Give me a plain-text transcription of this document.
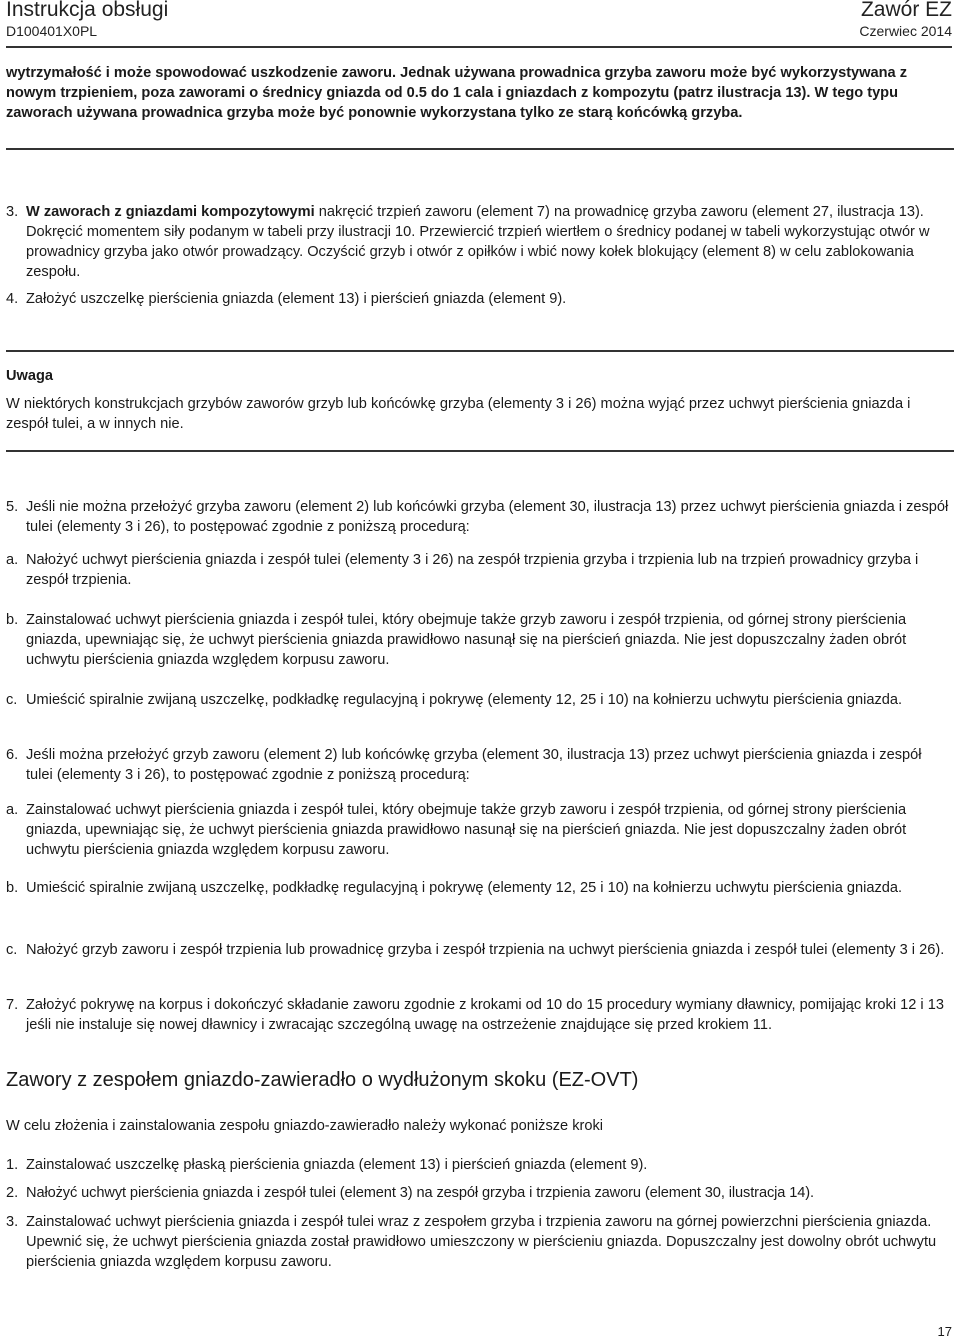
Instrukcja obsługi
D100401X0PL
Zawór EZ
Czerwiec 2014

wytrzymałość i może spowodować uszkodzenie zaworu. Jednak używana prowadnica grzyba zaworu może być wykorzystywana z nowym trzpieniem, poza zaworami o średnicy gniazda od 0.5 do 1 cala i gniazdach z kompozytu (patrz ilustracja 13). W tego typu zaworach używana prowadnica grzyba może być ponownie wykorzystana tylko ze starą końcówką grzyba.

3. W zaworach z gniazdami kompozytowymi nakręcić trzpień zaworu (element 7) na prowadnicę grzyba zaworu (element 27, ilustracja 13). Dokręcić momentem siły podanym w tabeli przy ilustracji 10. Przewiercić trzpień wiertłem o średnicy podanej w tabeli wykorzystując otwór w prowadnicy grzyba jako otwór prowadzący. Oczyścić grzyb i otwór z opiłków i wbić nowy kołek blokujący (element 8) w celu zablokowania zespołu.
4. Założyć uszczelkę pierścienia gniazda (element 13) i pierścień gniazda (element 9).

Uwaga

W niektórych konstrukcjach grzybów zaworów grzyb lub końcówkę grzyba (elementy 3 i 26) można wyjąć przez uchwyt pierścienia gniazda i zespół tulei, a w innych nie.

5. Jeśli nie można przełożyć grzyba zaworu (element 2) lub końcówki grzyba (element 30, ilustracja 13) przez uchwyt pierścienia gniazda i zespół tulei (elementy 3 i 26), to postępować zgodnie z poniższą procedurą:
a. Nałożyć uchwyt pierścienia gniazda i zespół tulei (elementy 3 i 26) na zespół trzpienia grzyba i trzpienia lub na trzpień prowadnicy grzyba i zespół trzpienia.
b. Zainstalować uchwyt pierścienia gniazda i zespół tulei, który obejmuje także grzyb zaworu i zespół trzpienia, od górnej strony pierścienia gniazda, upewniając się, że uchwyt pierścienia gniazda prawidłowo nasunął się na pierścień gniazda. Nie jest dopuszczalny żaden obrót uchwytu pierścienia gniazda względem korpusu zaworu.
c. Umieścić spiralnie zwijaną uszczelkę, podkładkę regulacyjną i pokrywę (elementy 12, 25 i 10) na kołnierzu uchwytu pierścienia gniazda.
6. Jeśli można przełożyć grzyb zaworu (element 2) lub końcówkę grzyba (element 30, ilustracja 13) przez uchwyt pierścienia gniazda i zespół tulei (elementy 3 i 26), to postępować zgodnie z poniższą procedurą:
a. Zainstalować uchwyt pierścienia gniazda i zespół tulei, który obejmuje także grzyb zaworu i zespół trzpienia, od górnej strony pierścienia gniazda, upewniając się, że uchwyt pierścienia gniazda prawidłowo nasunął się na pierścień gniazda. Nie jest dopuszczalny żaden obrót uchwytu pierścienia gniazda względem korpusu zaworu.
b. Umieścić spiralnie zwijaną uszczelkę, podkładkę regulacyjną i pokrywę (elementy 12, 25 i 10) na kołnierzu uchwytu pierścienia gniazda.
c. Nałożyć grzyb zaworu i zespół trzpienia lub prowadnicę grzyba i zespół trzpienia na uchwyt pierścienia gniazda i zespół tulei (elementy 3 i 26).
7. Założyć pokrywę na korpus i dokończyć składanie zaworu zgodnie z krokami od 10 do 15 procedury wymiany dławnicy, pomijając kroki 12 i 13 jeśli nie instaluje się nowej dławnicy i zwracając szczególną uwagę na ostrzeżenie znajdujące się przed krokiem 11.
Zawory z zespołem gniazdo-zawieradło o wydłużonym skoku (EZ-OVT)

W celu złożenia i zainstalowania zespołu gniazdo-zawieradło należy wykonać poniższe kroki

1. Zainstalować uszczelkę płaską pierścienia gniazda (element 13) i pierścień gniazda (element 9).
2. Nałożyć uchwyt pierścienia gniazda i zespół tulei (element 3) na zespół grzyba i trzpienia zaworu (element 30, ilustracja 14).
3. Zainstalować uchwyt pierścienia gniazda i zespół tulei wraz z zespołem grzyba i trzpienia zaworu na górnej powierzchni pierścienia gniazda. Upewnić się, że uchwyt pierścienia gniazda został prawidłowo umieszczony w pierścieniu gniazda. Dopuszczalny jest dowolny obrót uchwytu pierścienia gniazda względem korpusu zaworu.
17
